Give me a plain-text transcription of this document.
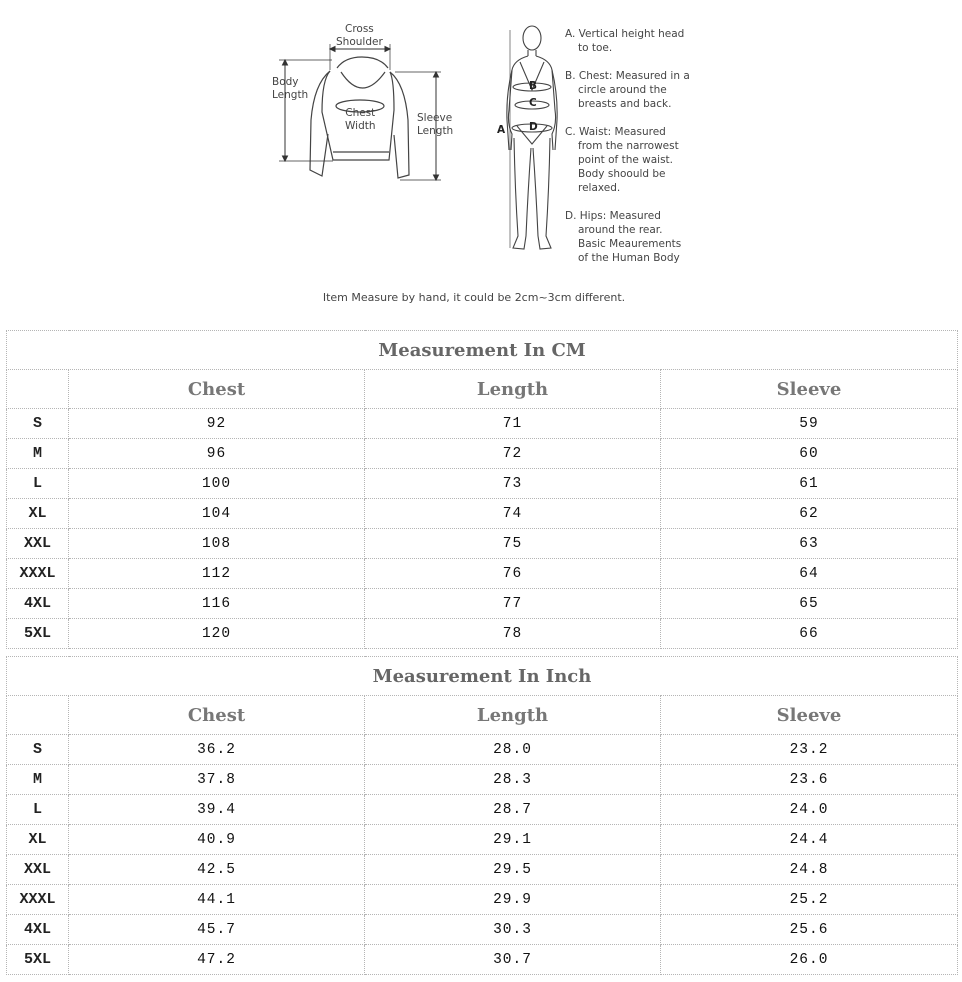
Cross
Shoulder
Body
Length
Chest
Width
Sleeve
Length	A
B
C
D
A. Vertical height head
to toe.
B. Chest: Measured in a
circle around the
breasts and back.
C. Waist: Measured
from the narrowest
point of the waist.
Body shoould be
relaxed.
D. Hips: Measured
around the rear.
Basic Meaurements
of the Human Body
Item Measure by hand, it could be 2cm~3cm different.
Measurement In CM			
	Chest	Length	Sleeve
S	92	71	59
M	96	72	60
L	100	73	61
XL	104	74	62
XXL	108	75	63
XXXL	112	76	64
4XL	116	77	65
5XL	120	78	66
Measurement In Inch			
	Chest	Length	Sleeve
S	36.2	28.0	23.2
M	37.8	28.3	23.6
L	39.4	28.7	24.0
XL	40.9	29.1	24.4
XXL	42.5	29.5	24.8
XXXL	44.1	29.9	25.2
4XL	45.7	30.3	25.6
5XL	47.2	30.7	26.0
